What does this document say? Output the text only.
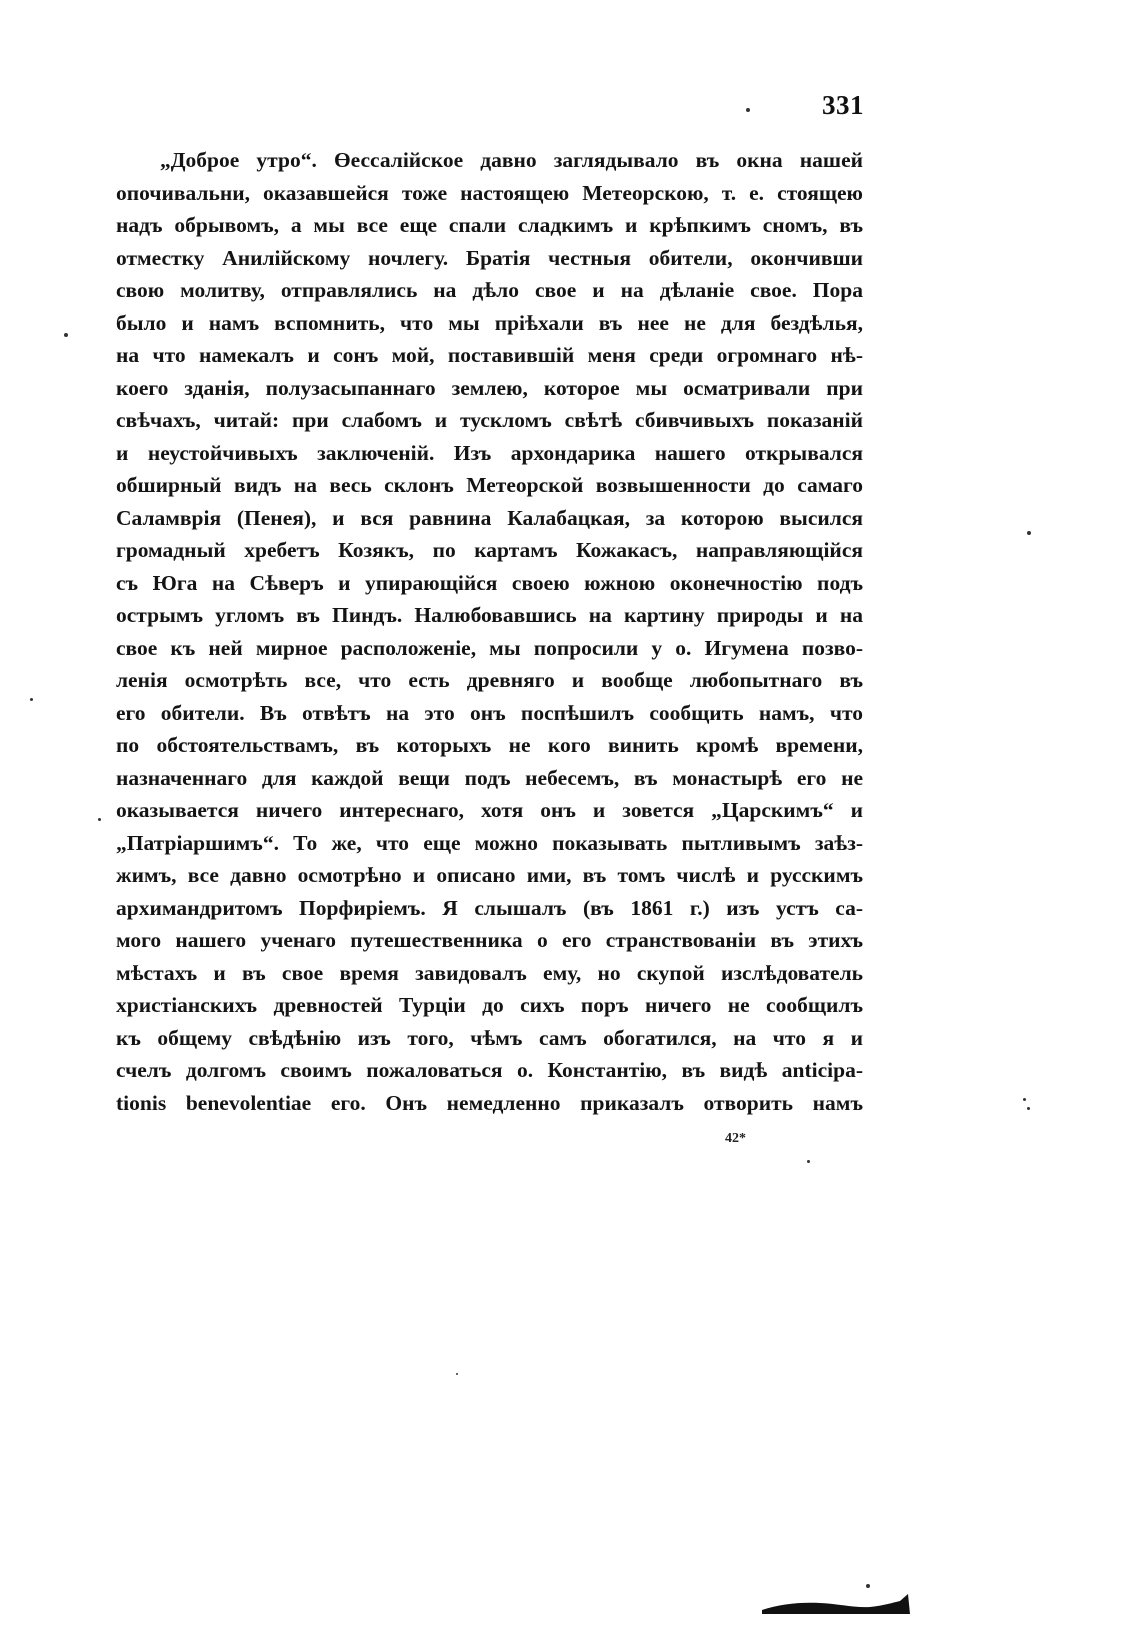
331
„Доброе утро“. Өессалійское давно заглядывало въ окна нашей
опочивальни, оказавшейся тоже настоящею Метеорскою, т. е. стоящею
надъ обрывомъ, а мы все еще спали сладкимъ и крѣпкимъ сномъ, въ
отместку Анилійскому ночлегу. Братія честныя обители, окончивши
свою молитву, отправлялись на дѣло свое и на дѣланіе свое. Пора
было и намъ вспомнить, что мы пріѣхали въ нее не для бездѣлья,
на что намекалъ и сонъ мой, поставившій меня среди огромнаго нѣ-
коего зданія, полузасыпаннаго землею, которое мы осматривали при
свѣчахъ, читай: при слабомъ и тускломъ свѣтѣ сбивчивыхъ показаній
и неустойчивыхъ заключеній. Изъ архондарика нашего открывался
обширный видъ на весь склонъ Метеорской возвышенности до самаго
Саламврія (Пенея), и вся равнина Калабацкая, за которою высился
громадный хребетъ Козякъ, по картамъ Кожакасъ, направляющійся
съ Юга на Сѣверъ и упирающійся своею южною оконечностію подъ
острымъ угломъ въ Пиндъ. Налюбовавшись на картину природы и на
свое къ ней мирное расположеніе, мы попросили у о. Игумена позво-
ленія осмотрѣть все, что есть древняго и вообще любопытнаго въ
его обители. Въ отвѣтъ на это онъ поспѣшилъ сообщить намъ, что
по обстоятельствамъ, въ которыхъ не кого винить кромѣ времени,
назначеннаго для каждой вещи подъ небесемъ, въ монастырѣ его не
оказывается ничего интереснаго, хотя онъ и зовется „Царскимъ“ и
„Патріаршимъ“. То же, что еще можно показывать пытливымъ заѣз-
жимъ, все давно осмотрѣно и описано ими, въ томъ числѣ и русскимъ
архимандритомъ Порфиріемъ. Я слышалъ (въ 1861 г.) изъ устъ са-
мого нашего ученаго путешественника о его странствованіи въ этихъ
мѣстахъ и въ свое время завидовалъ ему, но скупой изслѣдователь
христіанскихъ древностей Турціи до сихъ поръ ничего не сообщилъ
къ общему свѣдѣнію изъ того, чѣмъ самъ обогатился, на что я и
счелъ долгомъ своимъ пожаловаться о. Константію, въ видѣ anticipa-
tionis benevolentiae его. Онъ немедленно приказалъ отворить намъ
42*
